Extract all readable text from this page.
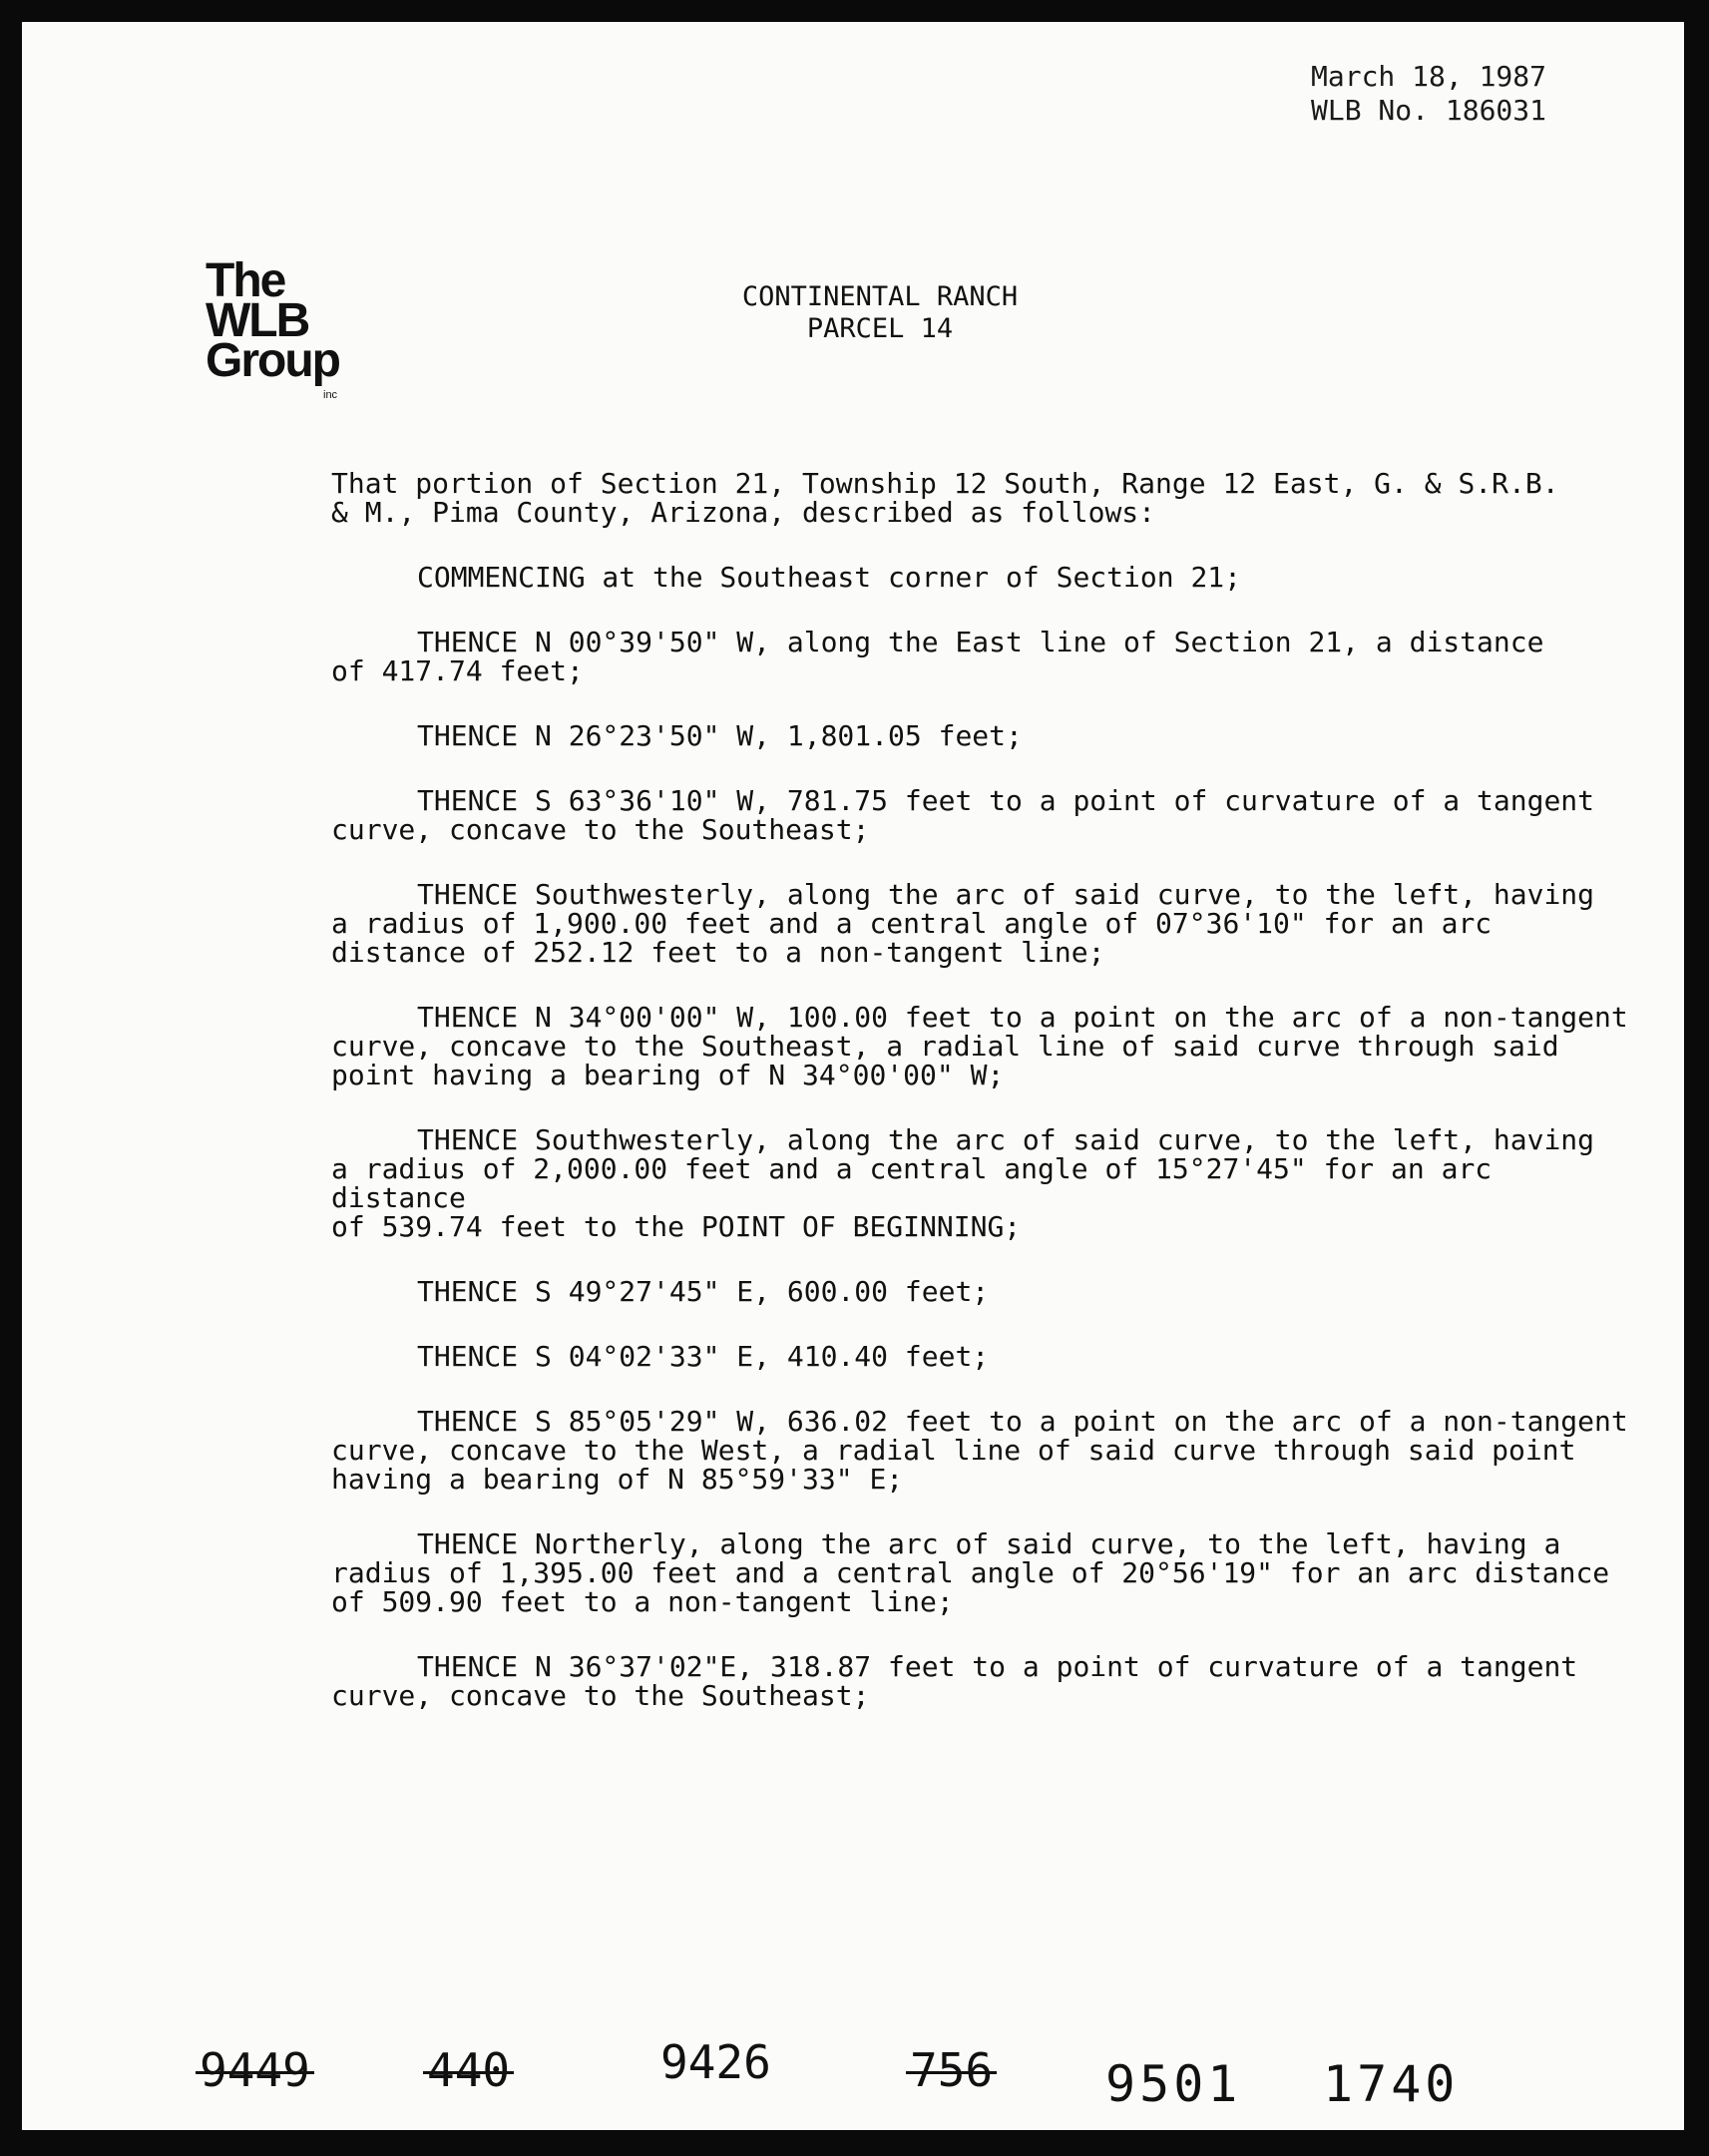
March 18, 1987
WLB No. 186031
The
WLB
Group
inc
CONTINENTAL RANCH
PARCEL 14
That portion of Section 21, Township 12 South, Range 12 East, G. & S.R.B.
& M., Pima County, Arizona, described as follows:
COMMENCING at the Southeast corner of Section 21;
THENCE N 00°39'50" W, along the East line of Section 21, a distance
of 417.74 feet;
THENCE N 26°23'50" W, 1,801.05 feet;
THENCE S 63°36'10" W, 781.75 feet to a point of curvature of a tangent
curve, concave to the Southeast;
THENCE Southwesterly, along the arc of said curve, to the left, having
a radius of 1,900.00 feet and a central angle of 07°36'10" for an arc
distance of 252.12 feet to a non-tangent line;
THENCE N 34°00'00" W, 100.00 feet to a point on the arc of a non-tangent
curve, concave to the Southeast, a radial line of said curve through said
point having a bearing of N 34°00'00" W;
THENCE Southwesterly, along the arc of said curve, to the left, having
a radius of 2,000.00 feet and a central angle of 15°27'45" for an arc distance
of 539.74 feet to the POINT OF BEGINNING;
THENCE S 49°27'45" E, 600.00 feet;
THENCE S 04°02'33" E, 410.40 feet;
THENCE S 85°05'29" W, 636.02 feet to a point on the arc of a non-tangent
curve, concave to the West, a radial line of said curve through said point
having a bearing of N 85°59'33" E;
THENCE Northerly, along the arc of said curve, to the left, having a
radius of 1,395.00 feet and a central angle of 20°56'19" for an arc distance
of 509.90 feet to a non-tangent line;
THENCE N 36°37'02"E, 318.87 feet to a point of curvature of a tangent
curve, concave to the Southeast;
9449	440	9426	756 9501 1740
